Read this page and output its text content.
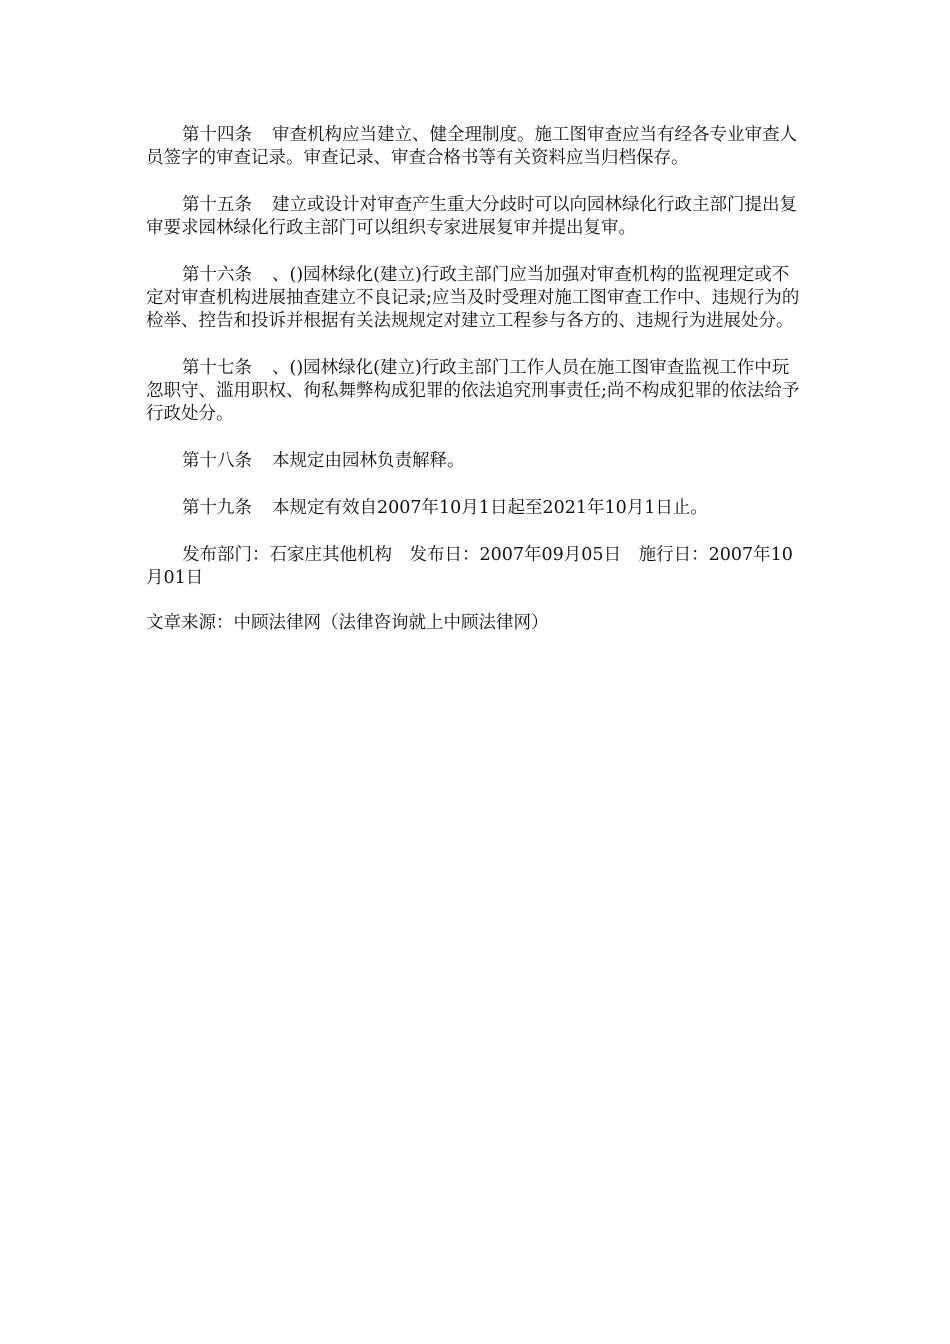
第十四条 审查机构应当建立、健全理制度。施工图审查应当有经各专业审查人员签字的审查记录。审查记录、审查合格书等有关资料应当归档保存。

第十五条 建立或设计对审查产生重大分歧时可以向园林绿化行政主部门提出复审要求园林绿化行政主部门可以组织专家进展复审并提出复审。

第十六条 、()园林绿化(建立)行政主部门应当加强对审查机构的监视理定或不定对审查机构进展抽查建立不良记录;应当及时受理对施工图审查工作中、违规行为的检举、控告和投诉并根据有关法规规定对建立工程参与各方的、违规行为进展处分。

第十七条 、()园林绿化(建立)行政主部门工作人员在施工图审查监视工作中玩忽职守、滥用职权、徇私舞弊构成犯罪的依法追究刑事责任;尚不构成犯罪的依法给予行政处分。

第十八条 本规定由园林负责解释。

第十九条 本规定有效自2007年10月1日起至2021年10月1日止。

发布部门：石家庄其他机构　发布日：2007年09月05日　施行日：2007年10月01日

文章来源：中顾法律网（法律咨询就上中顾法律网）
